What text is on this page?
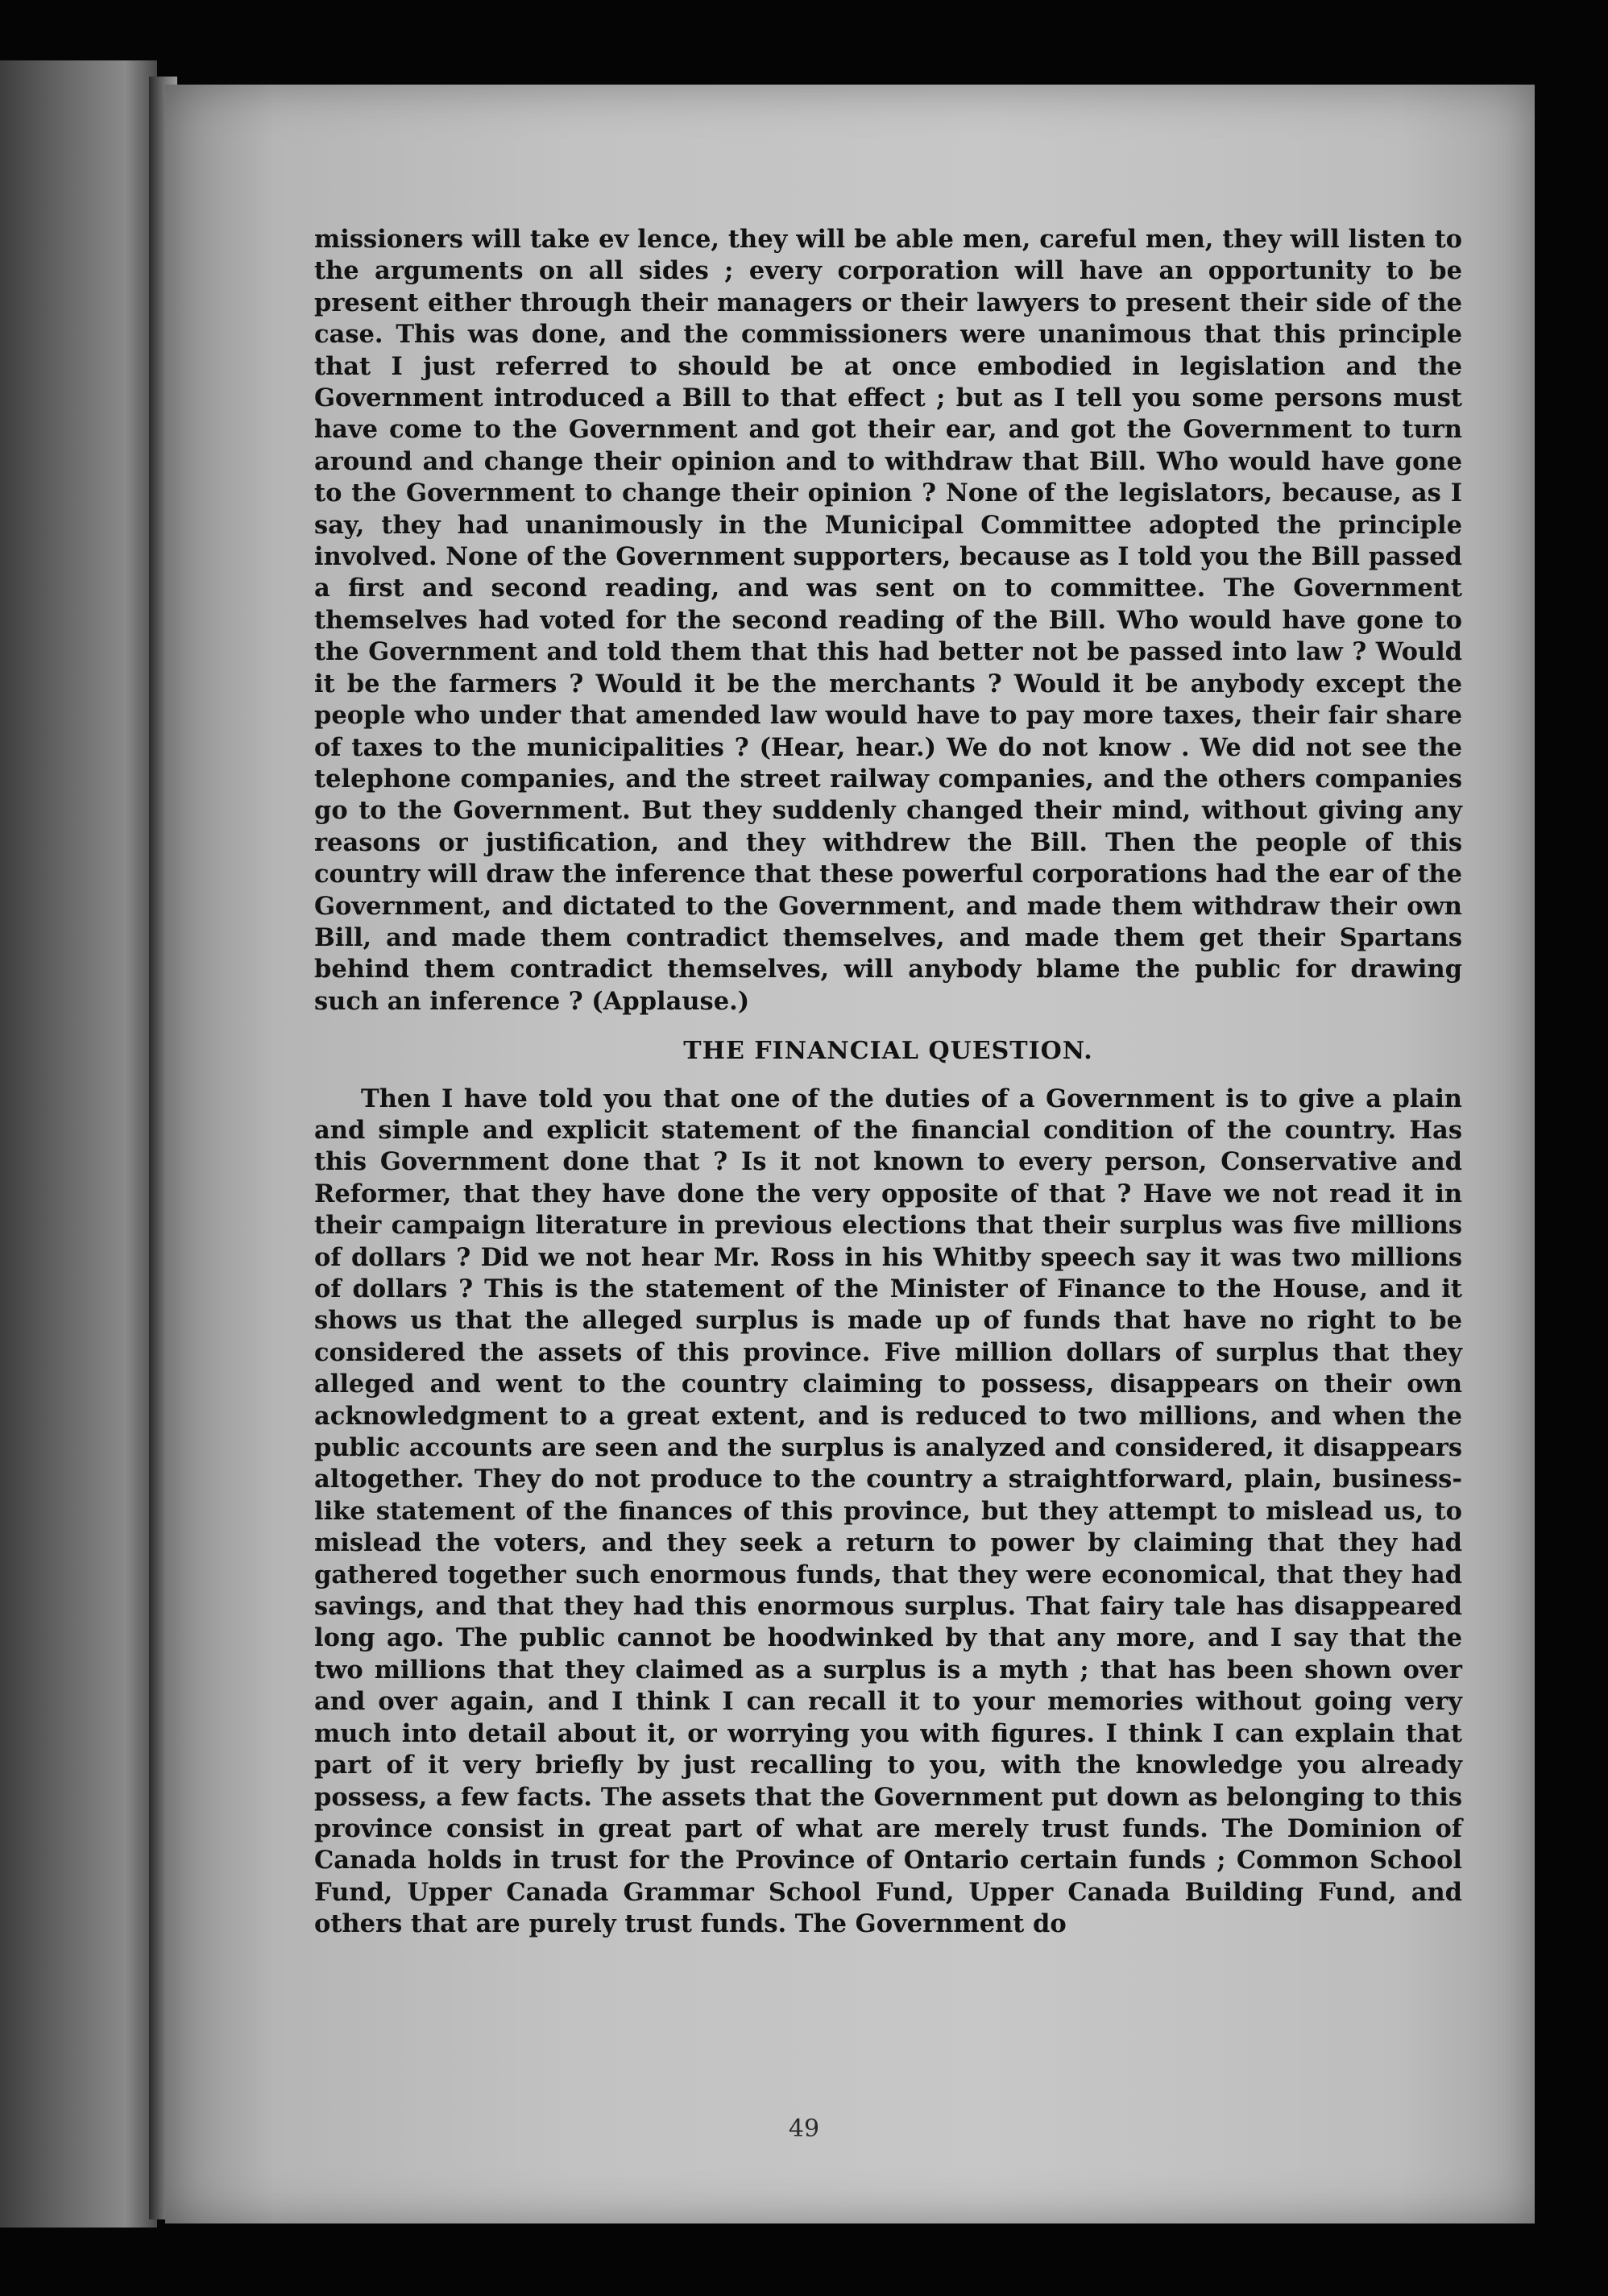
missioners will take ev lence, they will be able men, careful men, they will listen to the arguments on all sides ; every corporation will have an opportunity to be present either through their managers or their lawyers to present their side of the case. This was done, and the commissioners were unanimous that this principle that I just referred to should be at once embodied in legislation and the Government introduced a Bill to that effect ; but as I tell you some persons must have come to the Government and got their ear, and got the Government to turn around and change their opinion and to withdraw that Bill. Who would have gone to the Government to change their opinion ? None of the legislators, because, as I say, they had unanimously in the Municipal Committee adopted the principle involved. None of the Government supporters, because as I told you the Bill passed a first and second reading, and was sent on to committee. The Government themselves had voted for the second reading of the Bill. Who would have gone to the Government and told them that this had better not be passed into law ? Would it be the farmers ? Would it be the merchants ? Would it be anybody except the people who under that amended law would have to pay more taxes, their fair share of taxes to the municipalities ? (Hear, hear.) We do not know . We did not see the telephone companies, and the street railway companies, and the others companies go to the Government. But they suddenly changed their mind, without giving any reasons or justification, and they withdrew the Bill. Then the people of this country will draw the inference that these powerful corporations had the ear of the Government, and dictated to the Government, and made them withdraw their own Bill, and made them contradict themselves, and made them get their Spartans behind them contradict themselves, will anybody blame the public for drawing such an inference ? (Applause.)

THE FINANCIAL QUESTION.

Then I have told you that one of the duties of a Government is to give a plain and simple and explicit statement of the financial condition of the country. Has this Government done that ? Is it not known to every person, Conservative and Reformer, that they have done the very opposite of that ? Have we not read it in their campaign literature in previous elections that their surplus was five millions of dollars ? Did we not hear Mr. Ross in his Whitby speech say it was two millions of dollars ? This is the statement of the Minister of Finance to the House, and it shows us that the alleged surplus is made up of funds that have no right to be considered the assets of this province. Five million dollars of surplus that they alleged and went to the country claiming to possess, disappears on their own acknowledgment to a great extent, and is reduced to two millions, and when the public accounts are seen and the surplus is analyzed and considered, it disappears altogether. They do not produce to the country a straightforward, plain, business-like statement of the finances of this province, but they attempt to mislead us, to mislead the voters, and they seek a return to power by claiming that they had gathered together such enormous funds, that they were economical, that they had savings, and that they had this enormous surplus. That fairy tale has disappeared long ago. The public cannot be hoodwinked by that any more, and I say that the two millions that they claimed as a surplus is a myth ; that has been shown over and over again, and I think I can recall it to your memories without going very much into detail about it, or worrying you with figures. I think I can explain that part of it very briefly by just recalling to you, with the knowledge you already possess, a few facts. The assets that the Government put down as belonging to this province consist in great part of what are merely trust funds. The Dominion of Canada holds in trust for the Province of Ontario certain funds ; Common School Fund, Upper Canada Grammar School Fund, Upper Canada Building Fund, and others that are purely trust funds. The Government do

49
